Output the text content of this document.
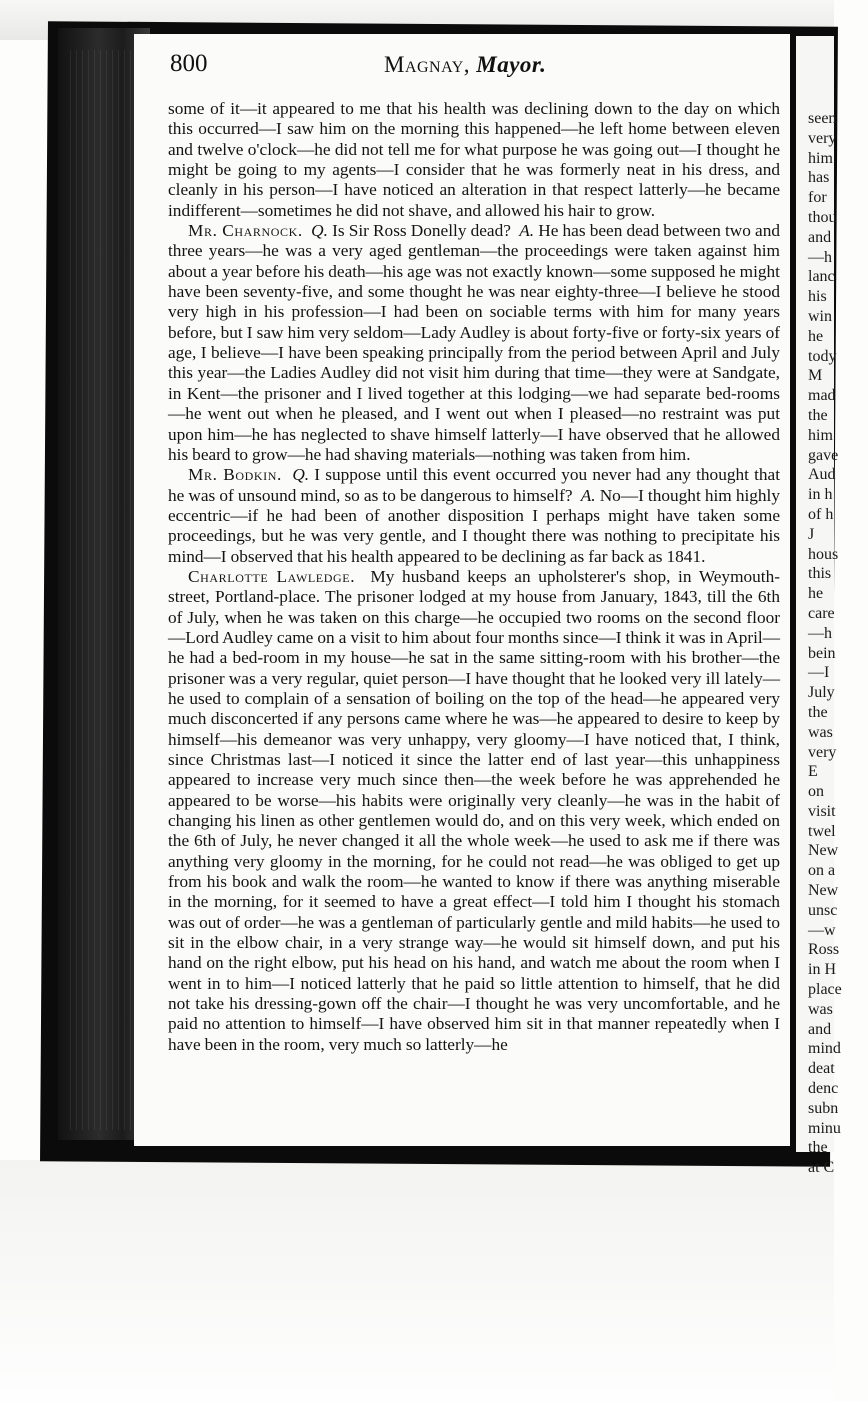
seen
very
him
has
for
thou
and
—h
lanc
his
win
he
tody
M
mad
the
him
gave
Aud
in h
of h
J
hous
this
he
care
—h
bein
—I
July
the
was
very
E
on
visit
twel
New
on a
New
unsc
—w
Ross
in H
place
was
and
mind
deat
denc
subn
minu
the
at C
800	Magnay, Mayor.

some of it—it appeared to me that his health was declining down to the day on which this occurred—I saw him on the morning this happened—he left home between eleven and twelve o'clock—he did not tell me for what purpose he was going out—I thought he might be going to my agents—I consider that he was formerly neat in his dress, and cleanly in his person—I have noticed an alteration in that respect latterly—he became indifferent—sometimes he did not shave, and allowed his hair to grow.

Mr. Charnock. Q. Is Sir Ross Donelly dead? A. He has been dead between two and three years—he was a very aged gentleman—the proceedings were taken against him about a year before his death—his age was not exactly known—some supposed he might have been seventy-five, and some thought he was near eighty-three—I believe he stood very high in his profession—I had been on sociable terms with him for many years before, but I saw him very seldom—Lady Audley is about forty-five or forty-six years of age, I believe—I have been speaking principally from the period between April and July this year—the Ladies Audley did not visit him during that time—they were at Sandgate, in Kent—the prisoner and I lived together at this lodging—we had separate bed-rooms—he went out when he pleased, and I went out when I pleased—no restraint was put upon him—he has neglected to shave himself latterly—I have observed that he allowed his beard to grow—he had shaving materials—nothing was taken from him.

Mr. Bodkin. Q. I suppose until this event occurred you never had any thought that he was of unsound mind, so as to be dangerous to himself? A. No—I thought him highly eccentric—if he had been of another disposition I perhaps might have taken some proceedings, but he was very gentle, and I thought there was nothing to precipitate his mind—I observed that his health appeared to be declining as far back as 1841.

Charlotte Lawledge. My husband keeps an upholsterer's shop, in Weymouth-street, Portland-place. The prisoner lodged at my house from January, 1843, till the 6th of July, when he was taken on this charge—he occupied two rooms on the second floor—Lord Audley came on a visit to him about four months since—I think it was in April—he had a bed-room in my house—he sat in the same sitting-room with his brother—the prisoner was a very regular, quiet person—I have thought that he looked very ill lately—he used to complain of a sensation of boiling on the top of the head—he appeared very much disconcerted if any persons came where he was—he appeared to desire to keep by himself—his demeanor was very unhappy, very gloomy—I have noticed that, I think, since Christmas last—I noticed it since the latter end of last year—this unhappiness appeared to increase very much since then—the week before he was apprehended he appeared to be worse—his habits were originally very cleanly—he was in the habit of changing his linen as other gentlemen would do, and on this very week, which ended on the 6th of July, he never changed it all the whole week—he used to ask me if there was anything very gloomy in the morning, for he could not read—he was obliged to get up from his book and walk the room—he wanted to know if there was anything miserable in the morning, for it seemed to have a great effect—I told him I thought his stomach was out of order—he was a gentleman of particularly gentle and mild habits—he used to sit in the elbow chair, in a very strange way—he would sit himself down, and put his hand on the right elbow, put his head on his hand, and watch me about the room when I went in to him—I noticed latterly that he paid so little attention to himself, that he did not take his dressing-gown off the chair—I thought he was very uncomfortable, and he paid no attention to himself—I have observed him sit in that manner repeatedly when I have been in the room, very much so latterly—he
